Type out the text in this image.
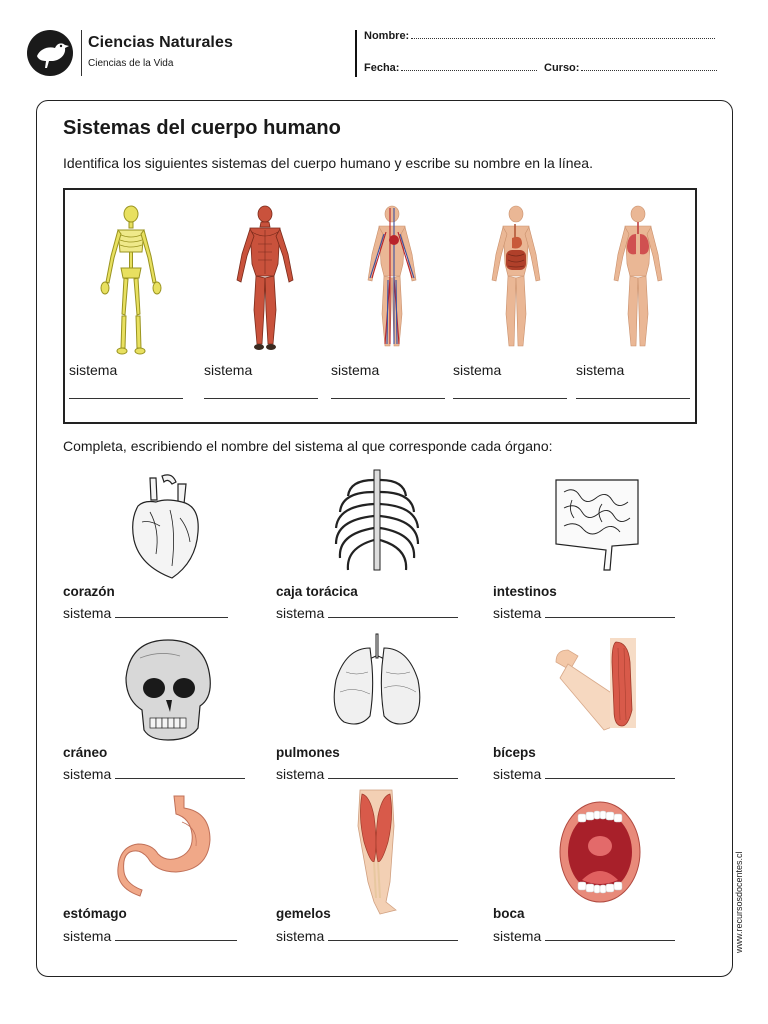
Ciencias Naturales
Ciencias de la Vida
Nombre:
Fecha:	Curso:
Sistemas del cuerpo humano
Identifica los siguientes sistemas del cuerpo humano y escribe su nombre en la línea.
sistema	sistema	sistema	sistema	sistema
Completa, escribiendo el nombre del sistema al que corresponde cada órgano:
corazón	caja torácica	intestinos
sistema	sistema	sistema
cráneo	pulmones	bíceps
sistema	sistema	sistema
estómago	gemelos	boca
sistema	sistema	sistema	www.recursosdocentes.cl
